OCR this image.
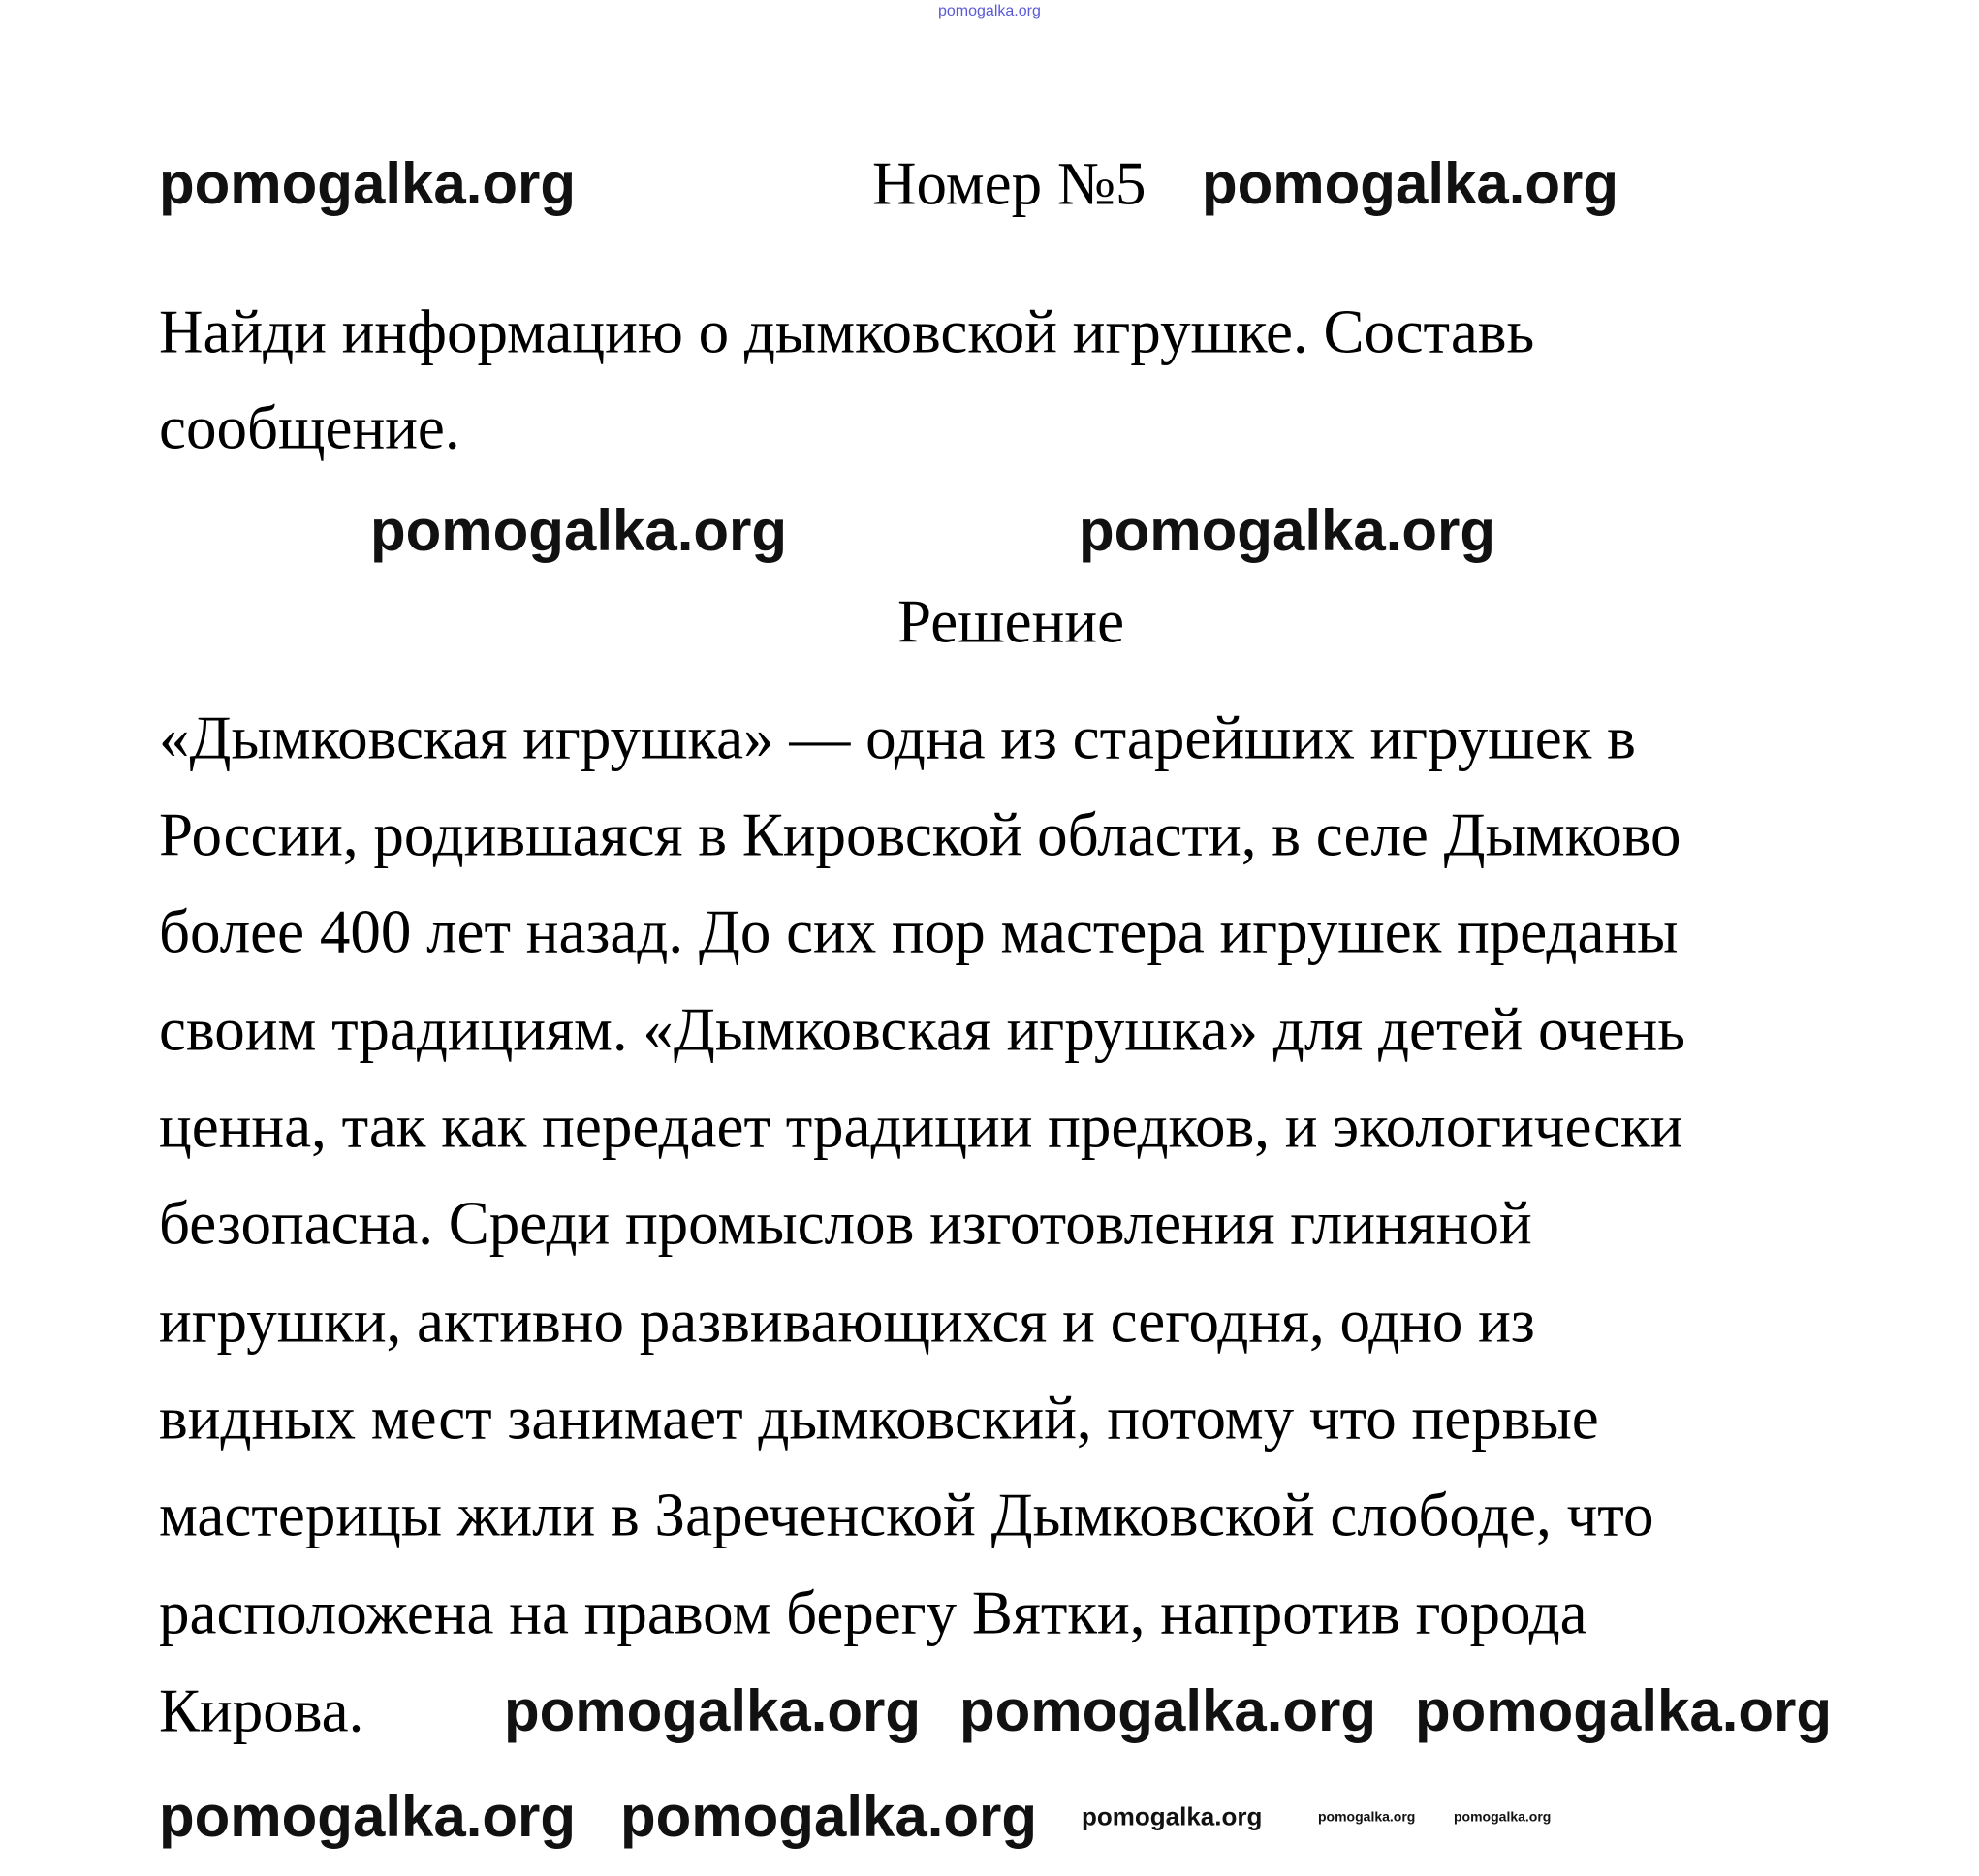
pomogalka.org
pomogalka.org	Номер №5 pomogalka.org
Найди информацию о дымковской игрушке. Составь
сообщение.
pomogalka.org	pomogalka.org
Решение
«Дымковская игрушка» — одна из старейших игрушек в
России, родившаяся в Кировской области, в селе Дымково
более 400 лет назад. До сих пор мастера игрушек преданы
своим традициям. «Дымковская игрушка» для детей очень
ценна, так как передает традиции предков, и экологически
безопасна. Среди промыслов изготовления глиняной
игрушки, активно развивающихся и сегодня, одно из
видных мест занимает дымковский, потому что первые
мастерицы жили в Зареченской Дымковской слободе, что
расположена на правом берегу Вятки, напротив города
Кирова. pomogalka.org pomogalka.org pomogalka.org
pomogalka.org pomogalka.org pomogalka.org	pomogalka.org	pomogalka.org
